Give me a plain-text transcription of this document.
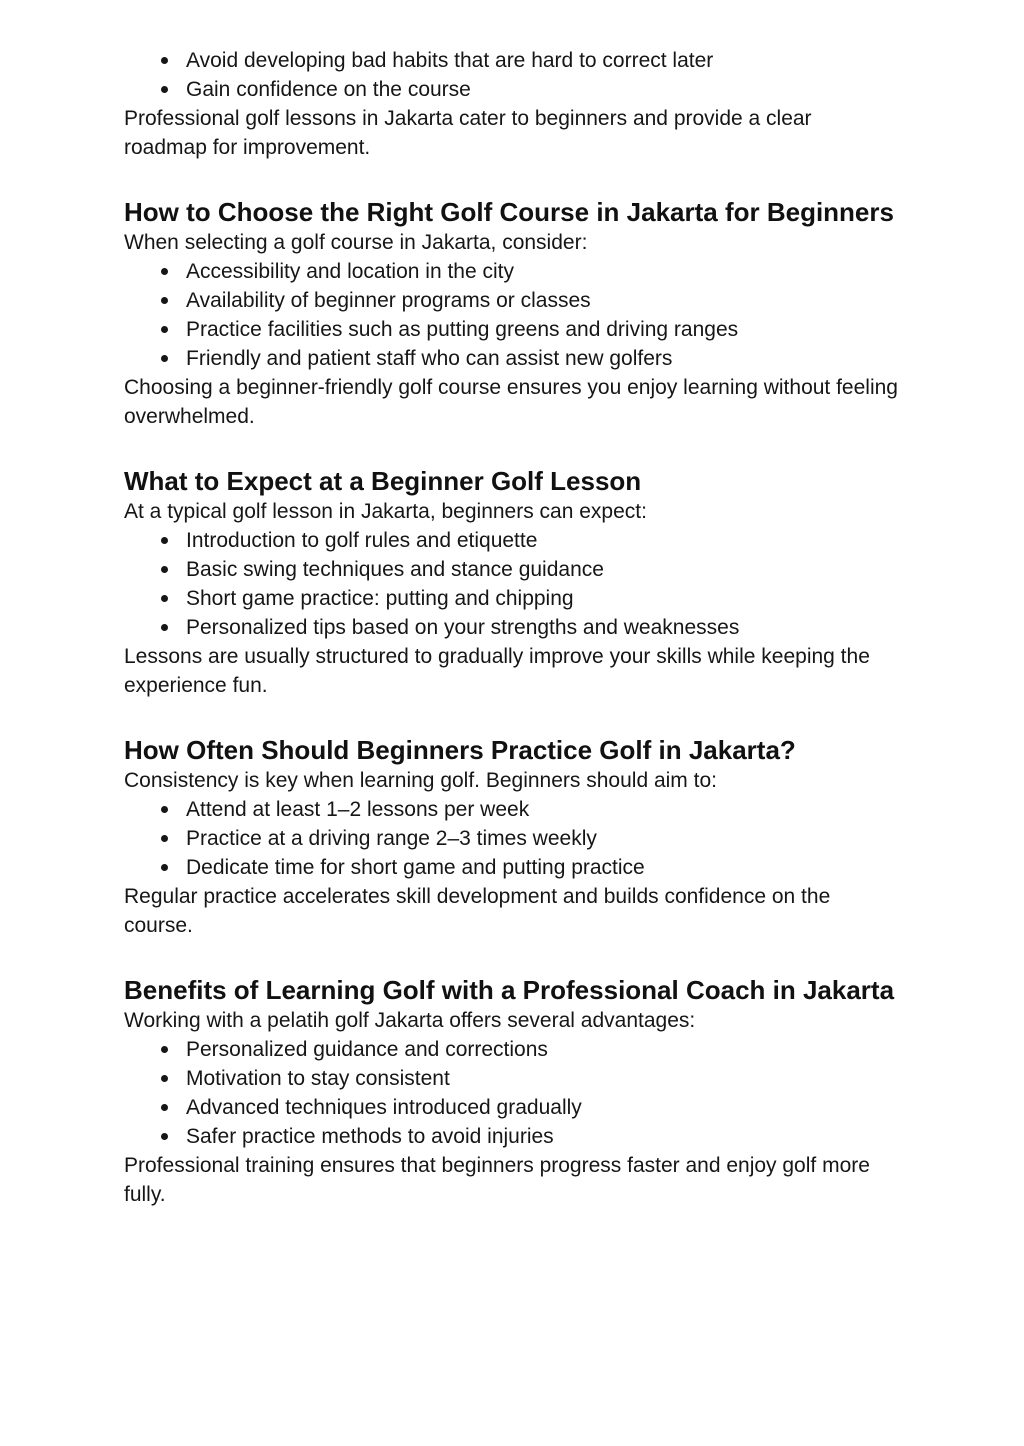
Avoid developing bad habits that are hard to correct later
Gain confidence on the course

Professional golf lessons in Jakarta cater to beginners and provide a clear roadmap for improvement.

How to Choose the Right Golf Course in Jakarta for Beginners

When selecting a golf course in Jakarta, consider:

Accessibility and location in the city
Availability of beginner programs or classes
Practice facilities such as putting greens and driving ranges
Friendly and patient staff who can assist new golfers

Choosing a beginner-friendly golf course ensures you enjoy learning without feeling overwhelmed.

What to Expect at a Beginner Golf Lesson

At a typical golf lesson in Jakarta, beginners can expect:

Introduction to golf rules and etiquette
Basic swing techniques and stance guidance
Short game practice: putting and chipping
Personalized tips based on your strengths and weaknesses

Lessons are usually structured to gradually improve your skills while keeping the experience fun.

How Often Should Beginners Practice Golf in Jakarta?

Consistency is key when learning golf. Beginners should aim to:

Attend at least 1–2 lessons per week
Practice at a driving range 2–3 times weekly
Dedicate time for short game and putting practice

Regular practice accelerates skill development and builds confidence on the course.

Benefits of Learning Golf with a Professional Coach in Jakarta

Working with a pelatih golf Jakarta offers several advantages:

Personalized guidance and corrections
Motivation to stay consistent
Advanced techniques introduced gradually
Safer practice methods to avoid injuries

Professional training ensures that beginners progress faster and enjoy golf more fully.
